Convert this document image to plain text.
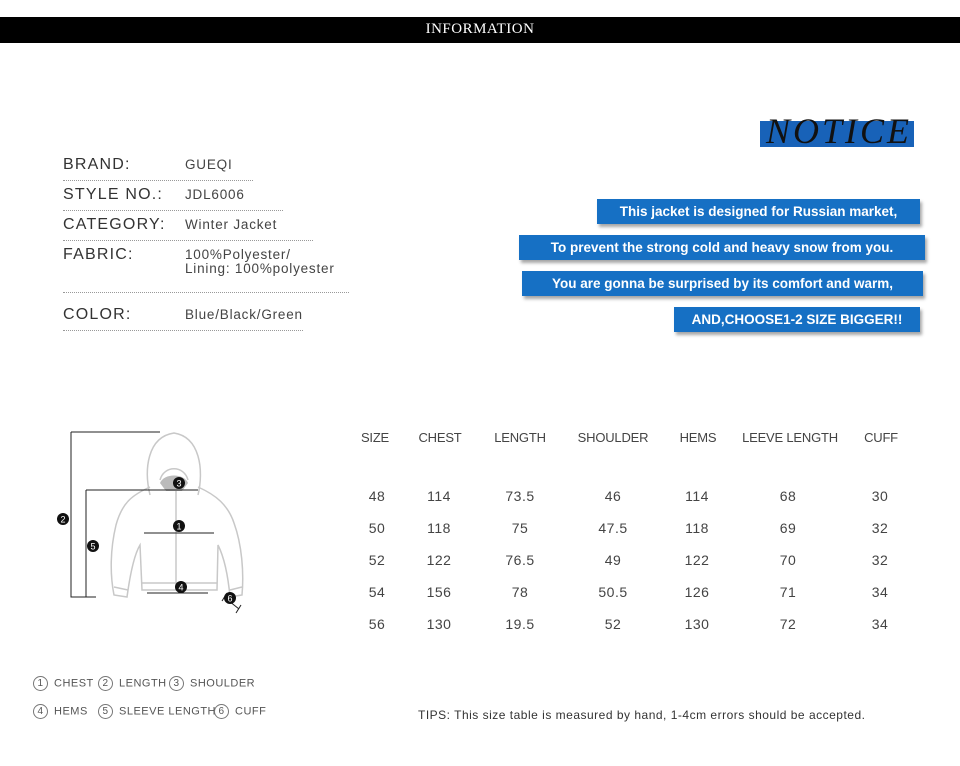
INFORMATION
BRAND:	GUEQI
STYLE NO.: JDL6006
CATEGORY: Winter Jacket
FABRIC:	100%Polyester/
Lining: 100%polyester
COLOR:	Blue/Black/Green
NOTICE
This jacket is designed for Russian market,
To prevent the strong cold and heavy snow from you.
You are gonna be surprised by its comfort and warm,
AND,CHOOSE1-2 SIZE BIGGER!!
3
1
2
5
4
6
SIZE	CHEST	LENGTH	SHOULDER	HEMS	LEEVE LENGTH	CUFF
48	114	73.5	46	114	68	30
50	118	75	47.5	118	69	32
52	122	76.5	49	122	70	32
54	156	78	50.5	126	71	34
56	130	19.5	52	130	72	34
1 CHEST 2 LENGTH 3 SHOULDER
4 HEMS	5 SLEEVE LENGTH 6 CUFF	TIPS: This size table is measured by hand, 1-4cm errors should be accepted.
